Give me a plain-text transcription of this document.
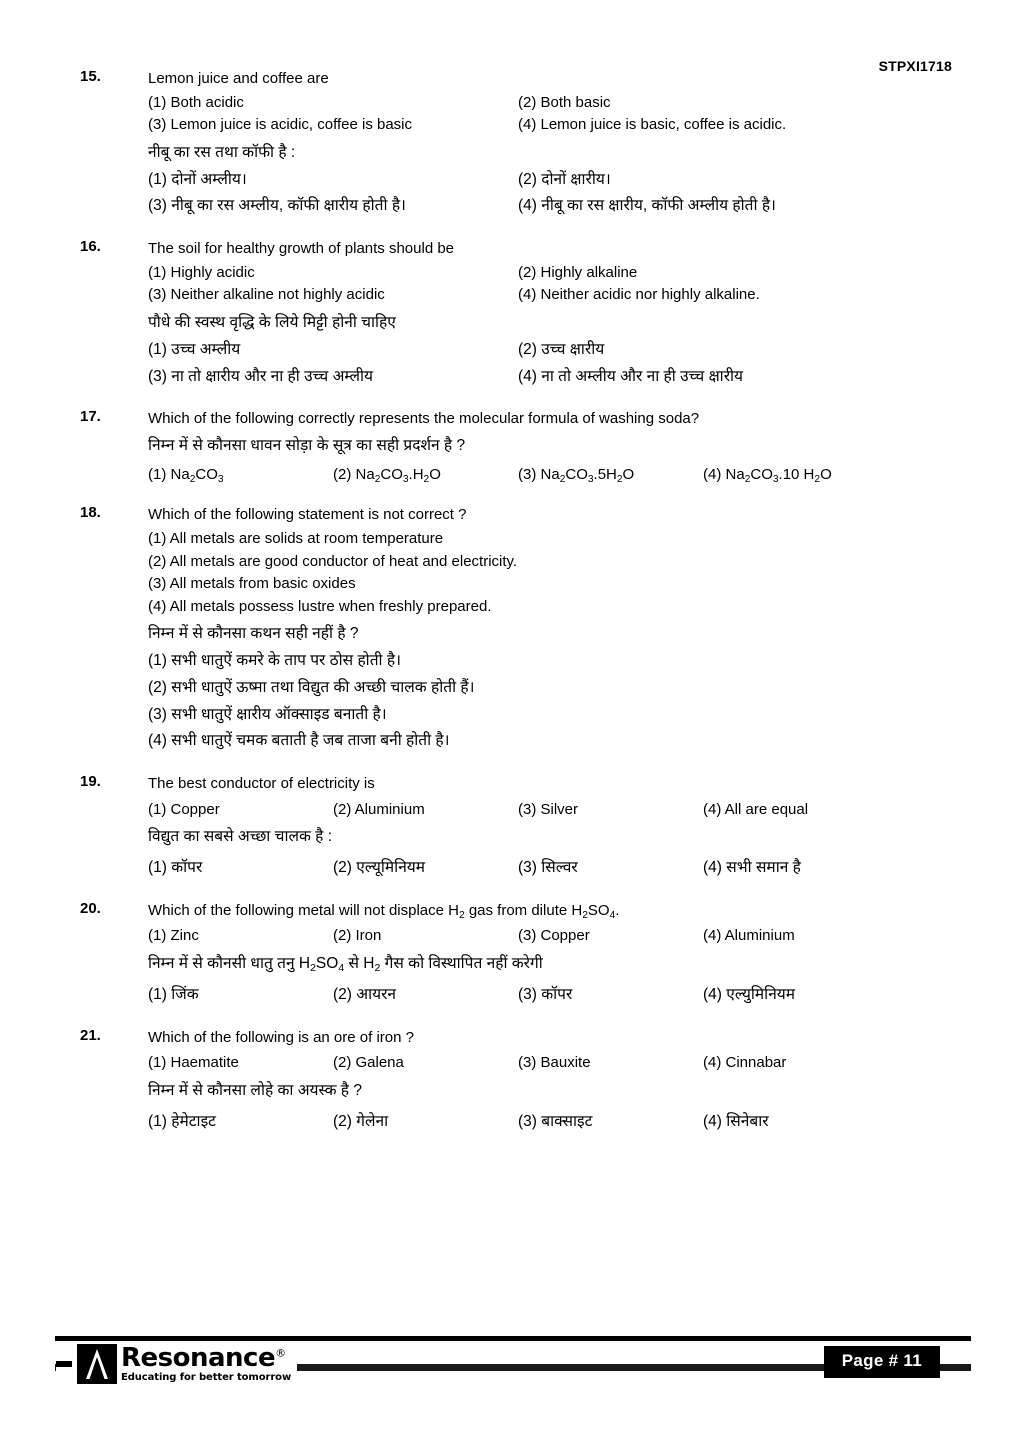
STPXI1718
15.	Lemon juice and coffee are
(1) Both acidic	(2) Both basic
(3) Lemon juice is acidic, coffee is basic	(4) Lemon juice is basic, coffee is acidic.
नीबू का रस तथा कॉफी है :
(1) दोनों अम्लीय।	(2) दोनों क्षारीय।
(3) नीबू का रस अम्लीय, कॉफी क्षारीय होती है।	(4) नीबू का रस क्षारीय, कॉफी अम्लीय होती है।
16.	The soil for healthy growth of plants should be
(1) Highly acidic	(2) Highly alkaline
(3) Neither alkaline not highly acidic	(4) Neither acidic nor highly alkaline.
पौधे की स्वस्थ वृद्धि के लिये मिट्टी होनी चाहिए
(1) उच्च अम्लीय	(2) उच्च क्षारीय
(3) ना तो क्षारीय और ना ही उच्च अम्लीय	(4) ना तो अम्लीय और ना ही उच्च क्षारीय
17.	Which of the following correctly represents the molecular formula of washing soda?
निम्न में से कौनसा धावन सोड़ा के सूत्र का सही प्रदर्शन है ?
(1) $Na_2CO_3$	(2) $Na_2CO_3.H_2O$	(3) $Na_2CO_3.5H_2O$	(4) $Na_2CO_3.10$ $H_2O$
18.	Which of the following statement is not correct ?
(1) All metals are solids at room temperature
(2) All metals are good conductor of heat and electricity.
(3) All metals from basic oxides
(4) All metals possess lustre when freshly prepared.
निम्न में से कौनसा कथन सही नहीं है ?
(1) सभी धातुऐं कमरे के ताप पर ठोस होती है।
(2) सभी धातुऐं ऊष्मा तथा विद्युत की अच्छी चालक होती हैं।
(3) सभी धातुऐं क्षारीय ऑक्साइड बनाती है।
(4) सभी धातुऐं चमक बताती है जब ताजा बनी होती है।
19.	The best conductor of electricity is
(1) Copper	(2) Aluminium	(3) Silver	(4) All are equal
विद्युत का सबसे अच्छा चालक है :
(1) कॉपर	(2) एल्यूमिनियम	(3) सिल्वर	(4) सभी समान है
20.	Which of the following metal will not displace $H_2$ gas from dilute $H_2SO_4$.
(1) Zinc	(2) Iron	(3) Copper	(4) Aluminium
निम्न में से कौनसी धातु तनु $H_2SO_4$ से $H_2$ गैस को विस्थापित नहीं करेगी
(1) जिंक	(2) आयरन	(3) कॉपर	(4) एल्युमिनियम
21.	Which of the following is an ore of iron ?
(1) Haematite	(2) Galena	(3) Bauxite	(4) Cinnabar
निम्न में से कौनसा लोहे का अयस्क है ?
(1) हेमेटाइट	(2) गेलेना	(3) बाक्साइट	(4) सिनेबार
Resonance®
Educating for better tomorrow
Page # 11
